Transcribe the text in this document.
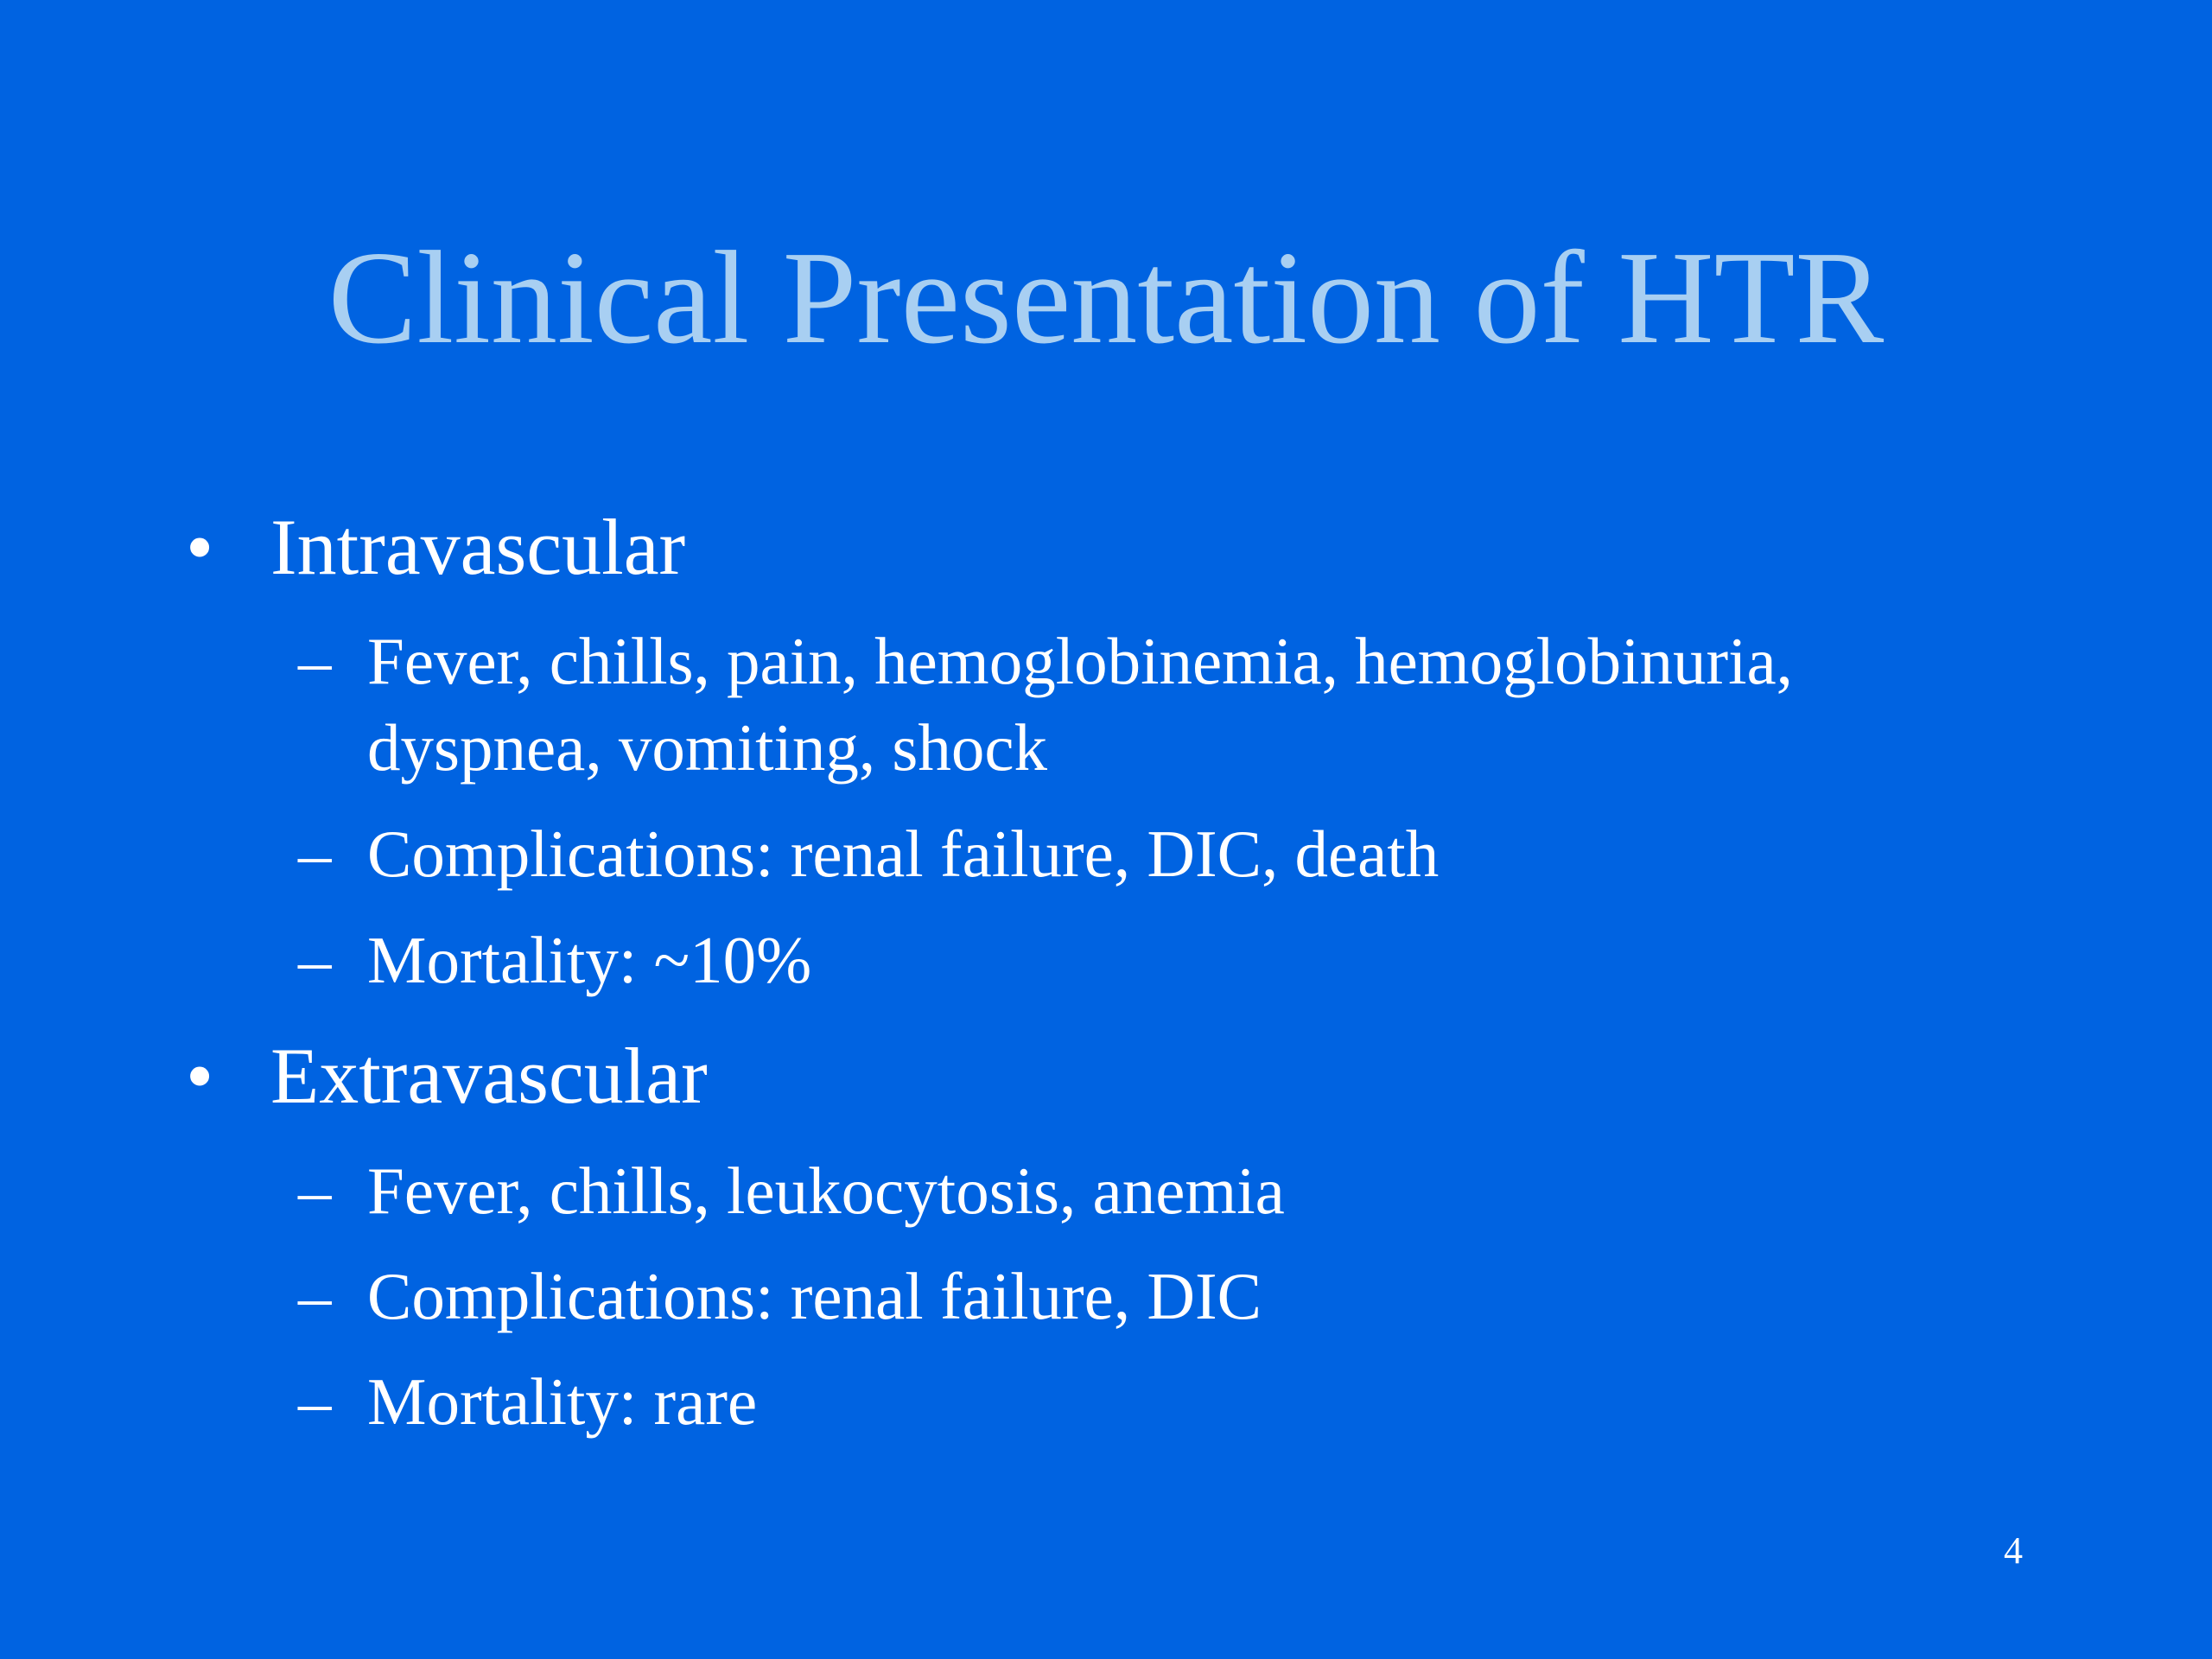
Clinical Presentation of HTR
• Intravascular
– Fever, chills, pain, hemoglobinemia, hemoglobinuria,
dyspnea, vomiting, shock
– Complications: renal failure, DIC, death
– Mortality: ~10%
• Extravascular
– Fever, chills, leukocytosis, anemia
– Complications: renal failure, DIC
– Mortality: rare
4
